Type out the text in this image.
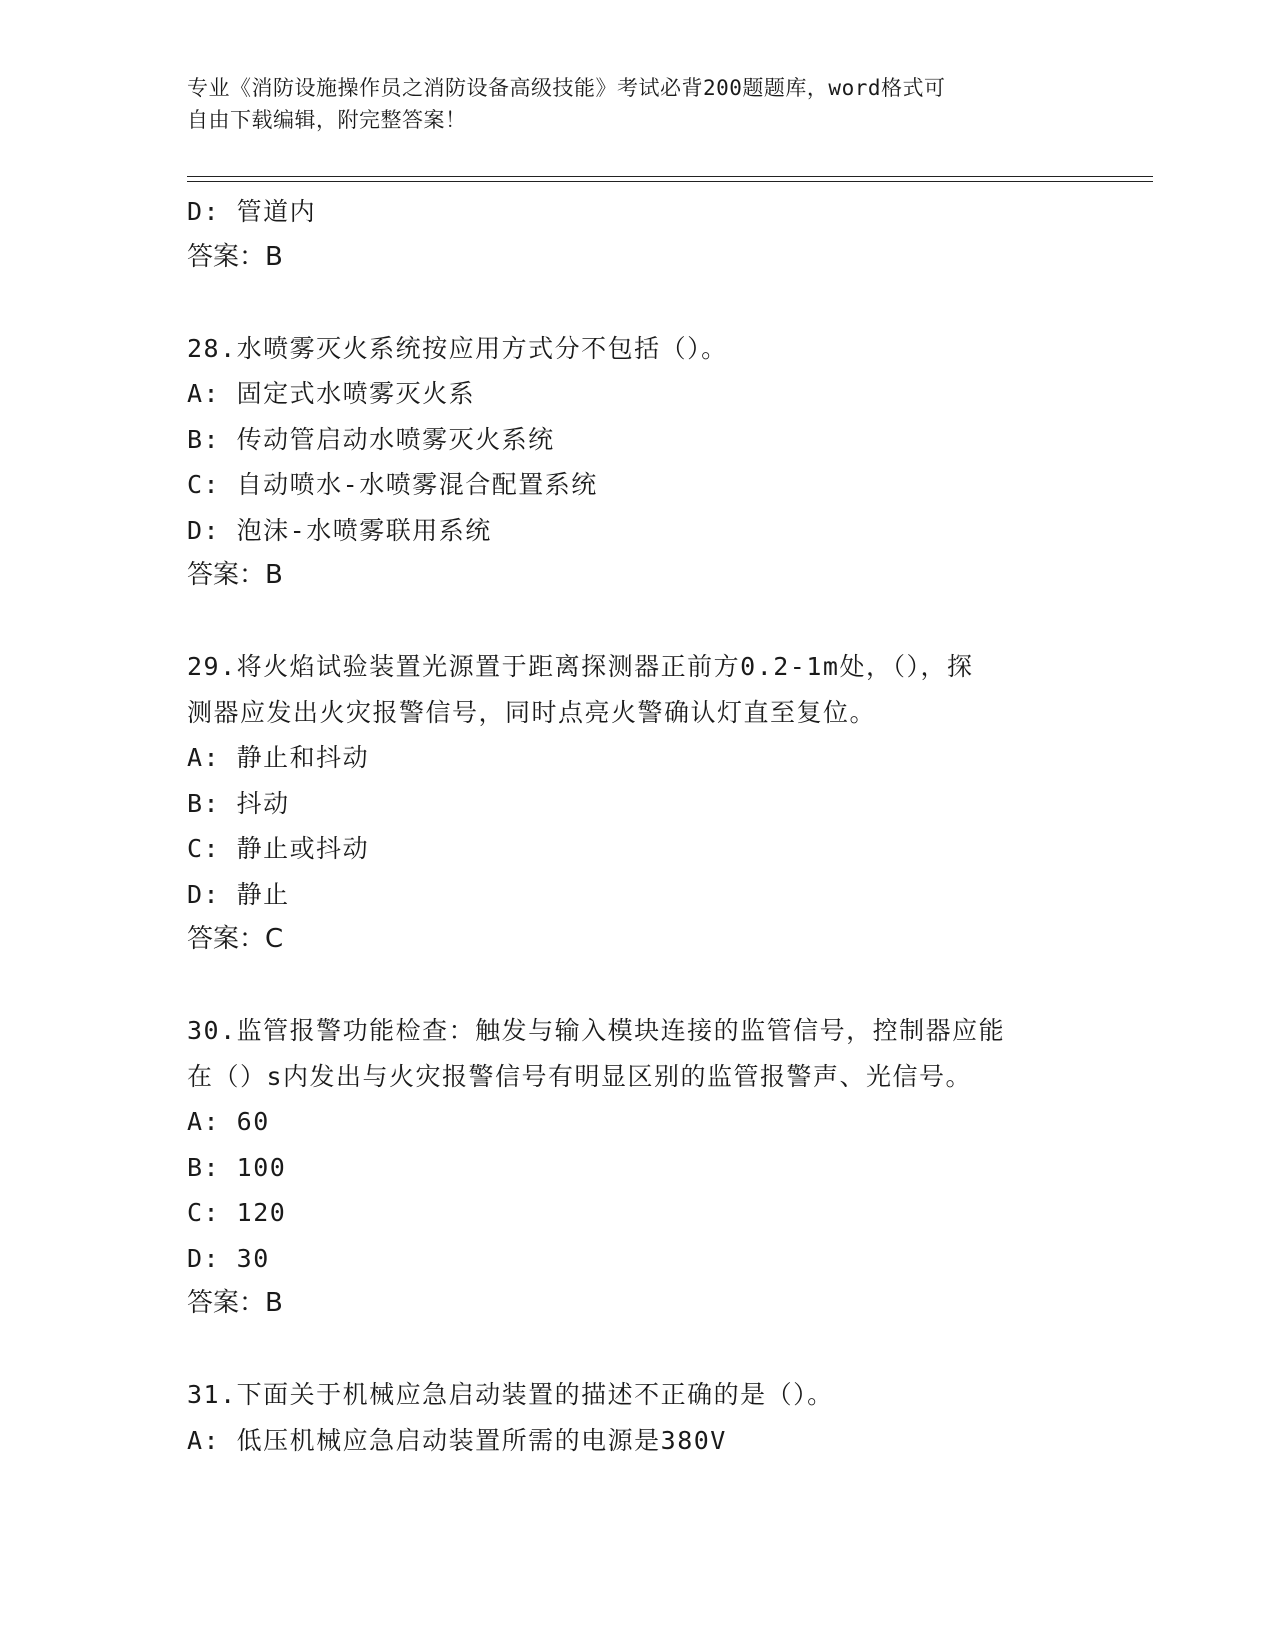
专业《消防设施操作员之消防设备高级技能》考试必背200题题库，word格式可
自由下载编辑，附完整答案！
D: 管道内
答案：B
28.水喷雾灭火系统按应用方式分不包括（）。
A: 固定式水喷雾灭火系
B: 传动管启动水喷雾灭火系统
C: 自动喷水-水喷雾混合配置系统
D: 泡沫-水喷雾联用系统
答案：B
29.将火焰试验装置光源置于距离探测器正前方0.2-1m处，（），探
测器应发出火灾报警信号，同时点亮火警确认灯直至复位。
A: 静止和抖动
B: 抖动
C: 静止或抖动
D: 静止
答案：C
30.监管报警功能检查：触发与输入模块连接的监管信号，控制器应能
在（）s内发出与火灾报警信号有明显区别的监管报警声、光信号。
A: 60
B: 100
C: 120
D: 30
答案：B
31.下面关于机械应急启动装置的描述不正确的是（）。
A: 低压机械应急启动装置所需的电源是380V
